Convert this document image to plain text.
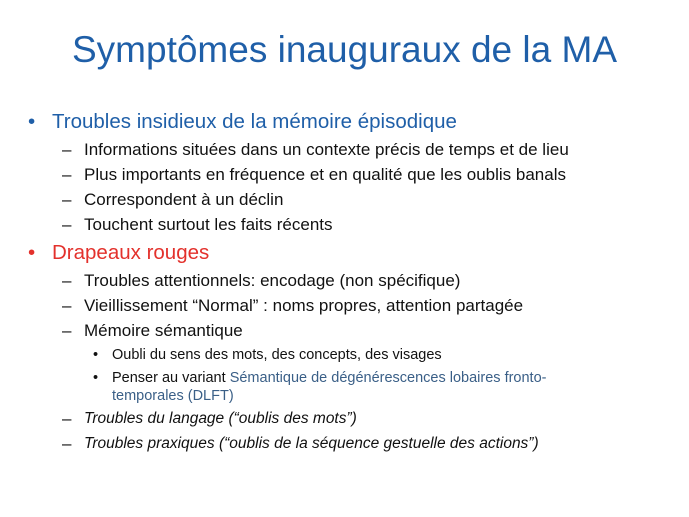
Symptômes inauguraux de la MA
• Troubles insidieux de la mémoire épisodique
– Informations situées dans un contexte précis de temps et de lieu
– Plus importants en fréquence et en qualité que les oublis banals
– Correspondent à un déclin
– Touchent surtout les faits récents
• Drapeaux rouges
– Troubles attentionnels: encodage (non spécifique)
– Vieillissement “Normal” : noms propres, attention partagée
– Mémoire sémantique
• Oubli du sens des mots, des concepts, des visages
• Penser au variant Sémantique de dégénérescences lobaires fronto-
temporales (DLFT)
– Troubles du langage (“oublis des mots”)
– Troubles praxiques (“oublis de la séquence gestuelle des actions”)
